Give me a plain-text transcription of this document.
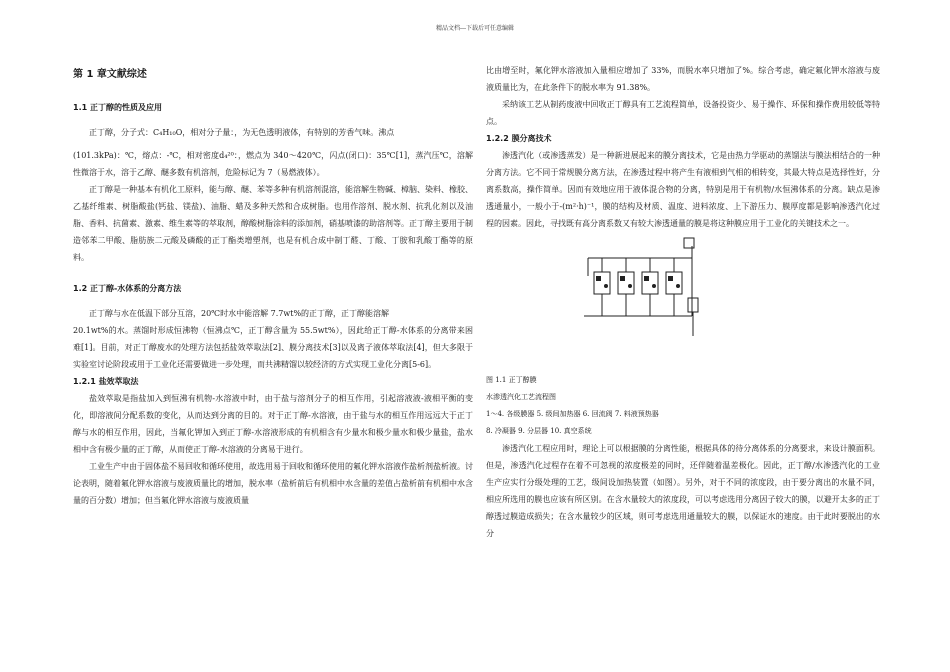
精品文档---下载后可任意编辑
第 1 章文献综述
1.1 正丁醇的性质及应用

正丁醇，分子式：C₄H₁₀O，相对分子量：，为无色透明液体，有特别的芳香气味。沸点

(101.3kPa)：℃，熔点：-℃，相对密度d₄²⁰：，燃点为 340～420℃，闪点(闭口)：35℃[1]，蒸汽压℃，溶解性微溶于水，溶于乙醇、醚多数有机溶剂，危险标记为 7（易燃液体）。

正丁醇是一种基本有机化工原料，能与醇、醚、苯等多种有机溶剂混溶，能溶解生物碱、樟脑、染料、橡胶、乙基纤维素、树脂酸盐(钙盐、镁盐)、油脂、蜡及多种天然和合成树脂。也用作溶剂、脱水剂、抗乳化剂以及油脂、香料、抗菌素、激素、维生素等的萃取剂，醇酸树脂涂料的添加剂，硝基喷漆的助溶剂等。正丁醇主要用于制造邻苯二甲酸、脂肪族二元酸及磷酸的正丁酯类增塑剂，也是有机合成中制丁醛、丁酸、丁胺和乳酸丁酯等的原料。

1.2 正丁醇-水体系的分离方法

正丁醇与水在低温下部分互溶，20℃时水中能溶解 7.7wt%的正丁醇，正丁醇能溶解

20.1wt%的水。蒸馏时形成恒沸物（恒沸点℃，正丁醇含量为 55.5wt%），因此给正丁醇-水体系的分离带来困难[1]。目前，对正丁醇废水的处理方法包括盐效萃取法[2]、膜分离技术[3]以及离子液体萃取法[4]，但大多限于实验室讨论阶段或用于工业化还需要做进一步处理，而共沸精馏以较经济的方式实现工业化分离[5-6]。

1.2.1 盐效萃取法

盐效萃取是指盐加入到恒沸有机物-水溶液中时，由于盐与溶剂分子的相互作用，引起溶液液-液相平衡的变化，即溶液间分配系数的变化，从而达到分离的目的。对于正丁醇-水溶液，由于盐与水的相互作用远远大于正丁醇与水的相互作用，因此，当氟化钾加入到正丁醇-水溶液形成的有机相含有少量水和极少量水和极少量盐，盐水相中含有极少量的正丁醇，从而使正丁醇-水溶液的分离易于进行。

工业生产中由于固体盐不易回收和循环使用，故选用易于回收和循环使用的氟化钾水溶液作盐析剂盐析液。讨论表明，随着氟化钾水溶液与废液质量比的增加，脱水率（盐析前后有机相中水含量的差值占盐析前有机相中水含量的百分数）增加；但当氟化钾水溶液与废液质量

比由增至时，氟化钾水溶液加入量相应增加了 33%，而脱水率只增加了%。综合考虑，确定氟化钾水溶液与废液质量比为，在此条件下的脱水率为 91.38%。

采纳该工艺从制药废液中回收正丁醇具有工艺流程简单，设备投资少、易于操作、环保和操作费用较低等特点。

1.2.2 膜分离技术

渗透汽化（或渗透蒸发）是一种新进展起来的膜分离技术，它是由热力学驱动的蒸馏法与膜法相结合的一种分离方法。它不同于常规膜分离方法，在渗透过程中将产生有液相到气相的相转变，其最大特点是选择性好，分离系数高，操作简单。因而有效地应用于液体混合物的分离，特别是用于有机物/水恒沸体系的分离。缺点是渗透通量小，一般小于-(m²·h)⁻¹，膜的结构及材质、温度、进料浓度、上下游压力、膜厚度都是影响渗透汽化过程的因素。因此，寻找既有高分离系数又有较大渗透通量的膜是将这种膜应用于工业化的关键技术之一。

图 1.1 正丁醇膜

水渗透汽化工艺流程图

1～4. 各级膜器 5. 级间加热器 6. 回流阀 7. 料液预热器

8. 冷凝器 9. 分层器 10. 真空系统

渗透汽化工程应用时，理论上可以根据膜的分离性能，根据具体的待分离体系的分离要求，来设计膜面积。但是，渗透汽化过程存在着不可忽视的浓度极差的同时，还伴随着温差极化。因此，正丁醇/水渗透汽化的工业生产应实行分级处理的工艺，级间设加热装置（如图）。另外，对于不同的浓度段，由于要分离出的水量不同，相应所选用的膜也应该有所区别。在含水量较大的浓度段，可以考虑选用分离因子较大的膜，以避开太多的正丁醇透过膜造成损失；在含水量较少的区域，则可考虑选用通量较大的膜，以保证水的速度。由于此时要脱出的水分
